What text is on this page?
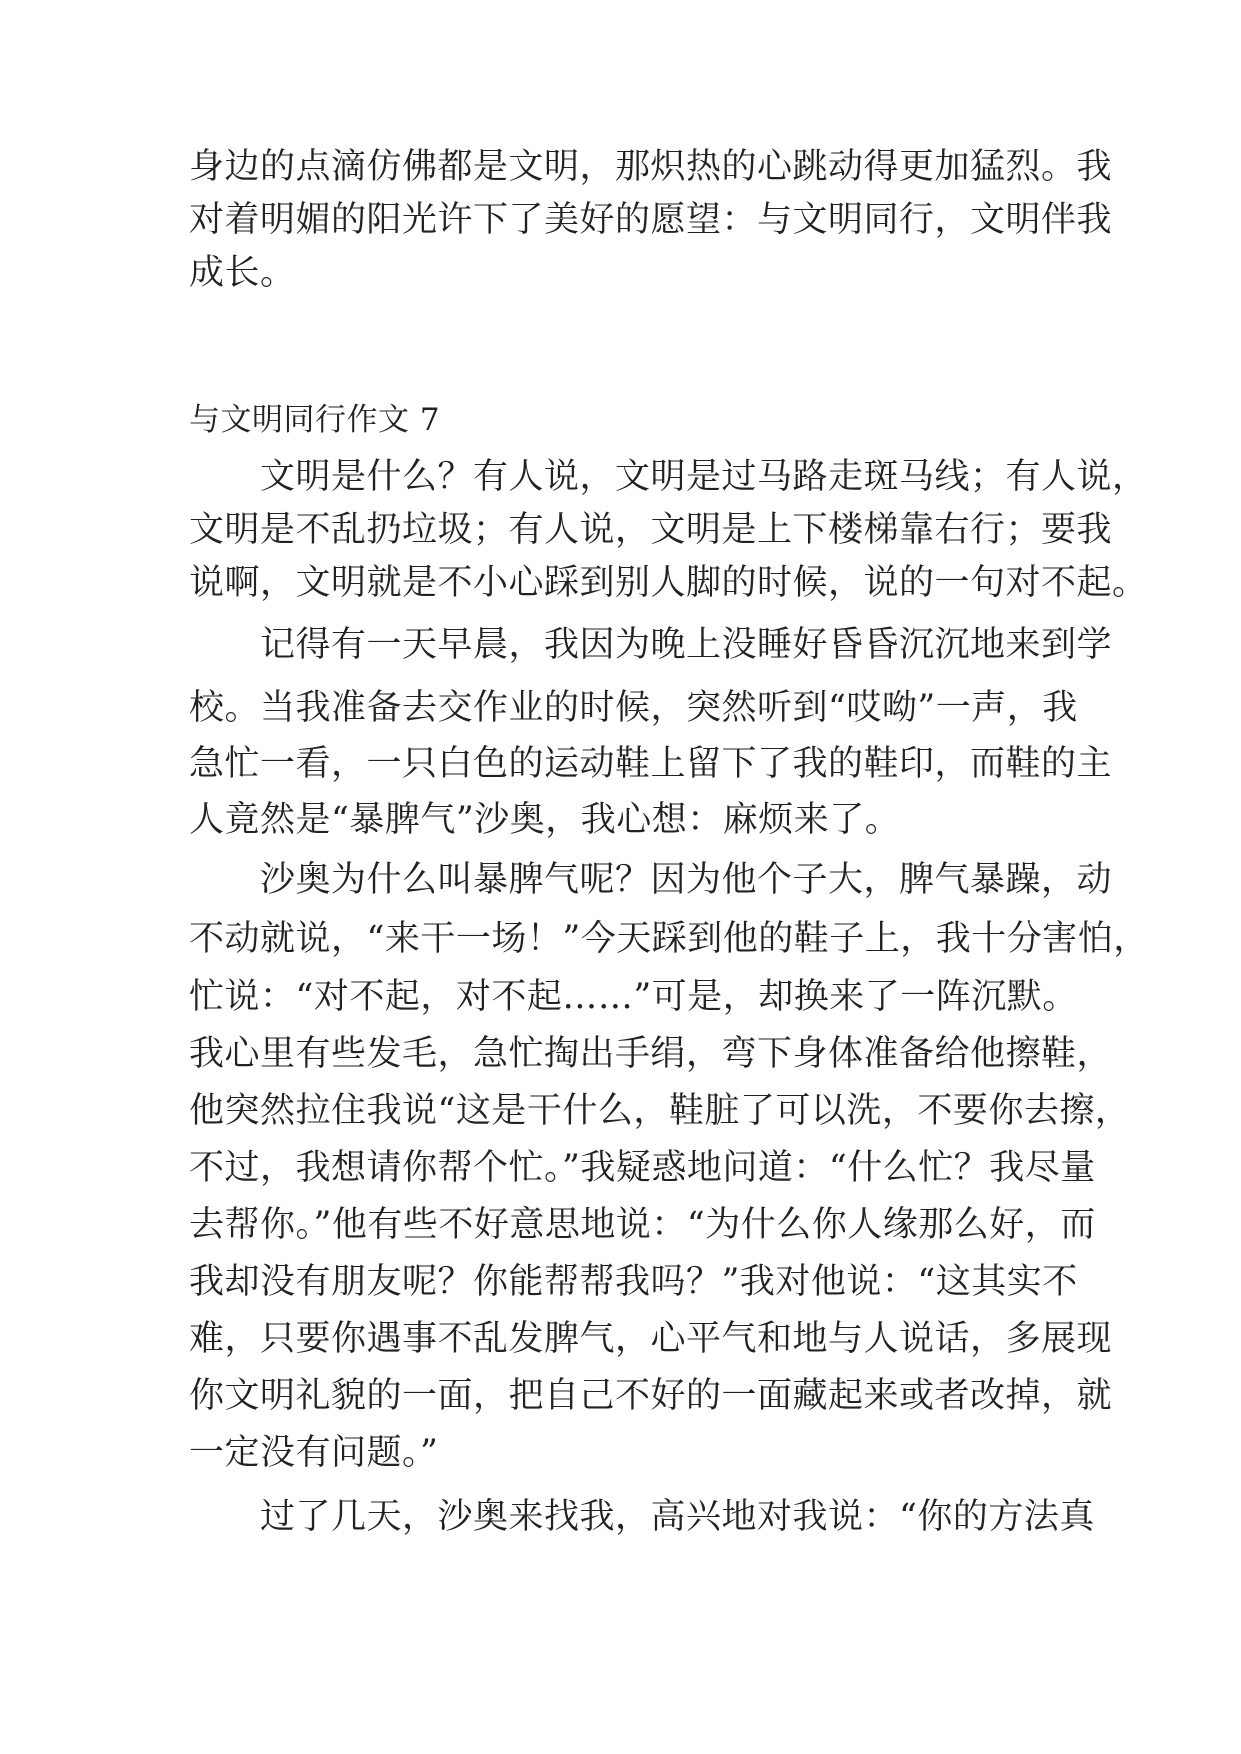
身边的点滴仿佛都是文明，那炽热的心跳动得更加猛烈。我
对着明媚的阳光许下了美好的愿望：与文明同行，文明伴我
成长。
与文明同行作文 7
　　文明是什么？有人说，文明是过马路走斑马线；有人说，
文明是不乱扔垃圾；有人说，文明是上下楼梯靠右行；要我
说啊，文明就是不小心踩到别人脚的时候，说的一句对不起。
　　记得有一天早晨，我因为晚上没睡好昏昏沉沉地来到学
校。当我准备去交作业的时候，突然听到“哎呦”一声，我
急忙一看，一只白色的运动鞋上留下了我的鞋印，而鞋的主
人竟然是“暴脾气”沙奥，我心想：麻烦来了。
　　沙奥为什么叫暴脾气呢？因为他个子大，脾气暴躁，动
不动就说，“来干一场！”今天踩到他的鞋子上，我十分害怕，
忙说：“对不起，对不起……”可是，却换来了一阵沉默。
我心里有些发毛，急忙掏出手绢，弯下身体准备给他擦鞋，
他突然拉住我说“这是干什么，鞋脏了可以洗，不要你去擦，
不过，我想请你帮个忙。”我疑惑地问道：“什么忙？我尽量
去帮你。”他有些不好意思地说：“为什么你人缘那么好，而
我却没有朋友呢？你能帮帮我吗？”我对他说：“这其实不
难，只要你遇事不乱发脾气，心平气和地与人说话，多展现
你文明礼貌的一面，把自己不好的一面藏起来或者改掉，就
一定没有问题。”
　　过了几天，沙奥来找我，高兴地对我说：“你的方法真
